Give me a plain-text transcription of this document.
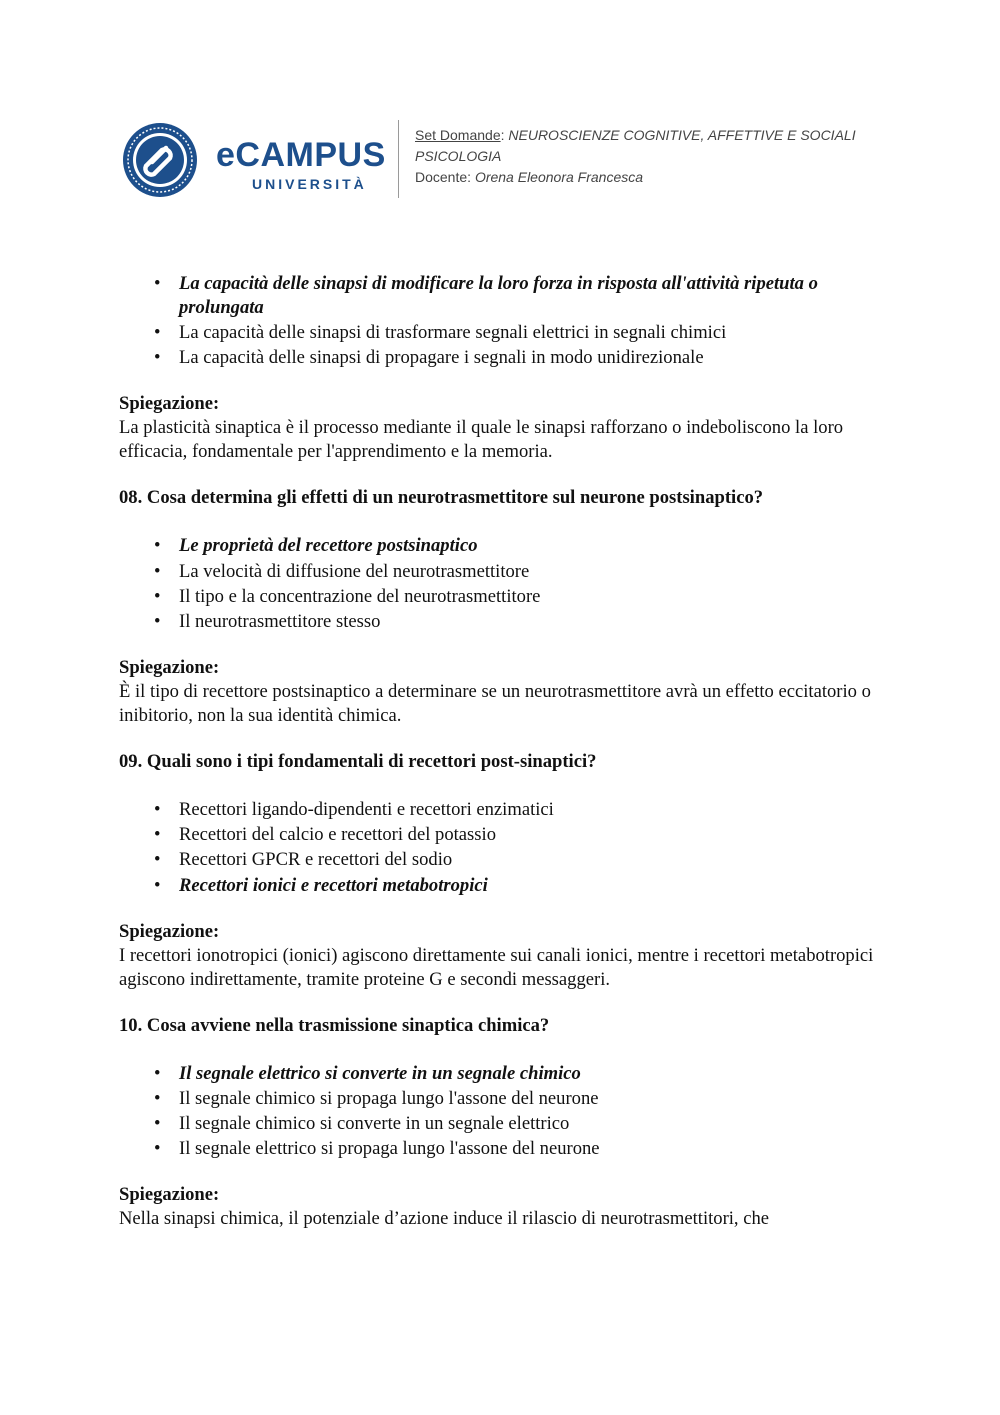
eCAMPUS
UNIVERSITÀ
Set Domande: NEUROSCIENZE COGNITIVE, AFFETTIVE E SOCIALI
PSICOLOGIA
Docente: Orena Eleonora Francesca
• La capacità delle sinapsi di modificare la loro forza in risposta all'attività ripetuta o prolungata
• La capacità delle sinapsi di trasformare segnali elettrici in segnali chimici
• La capacità delle sinapsi di propagare i segnali in modo unidirezionale
Spiegazione:

La plasticità sinaptica è il processo mediante il quale le sinapsi rafforzano o indeboliscono la loro efficacia, fondamentale per l'apprendimento e la memoria.

08. Cosa determina gli effetti di un neurotrasmettitore sul neurone postsinaptico?
• Le proprietà del recettore postsinaptico
• La velocità di diffusione del neurotrasmettitore
• Il tipo e la concentrazione del neurotrasmettitore
• Il neurotrasmettitore stesso
Spiegazione:

È il tipo di recettore postsinaptico a determinare se un neurotrasmettitore avrà un effetto eccitatorio o inibitorio, non la sua identità chimica.

09. Quali sono i tipi fondamentali di recettori post-sinaptici?
• Recettori ligando-dipendenti e recettori enzimatici
• Recettori del calcio e recettori del potassio
• Recettori GPCR e recettori del sodio
• Recettori ionici e recettori metabotropici
Spiegazione:

I recettori ionotropici (ionici) agiscono direttamente sui canali ionici, mentre i recettori metabotropici agiscono indirettamente, tramite proteine G e secondi messaggeri.

10. Cosa avviene nella trasmissione sinaptica chimica?
• Il segnale elettrico si converte in un segnale chimico
• Il segnale chimico si propaga lungo l'assone del neurone
• Il segnale chimico si converte in un segnale elettrico
• Il segnale elettrico si propaga lungo l'assone del neurone
Spiegazione:

Nella sinapsi chimica, il potenziale d’azione induce il rilascio di neurotrasmettitori, che
